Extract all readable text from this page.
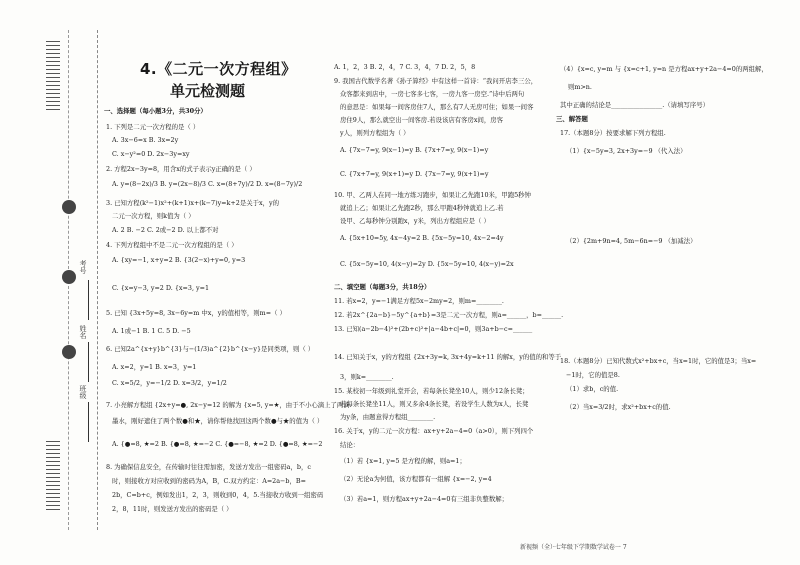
考号
姓名
班级
4.《二元一次方程组》
单元检测题
一、选择题（每小题3分，共30分）
1. 下列是二元一次方程的是（ ）
A. 3x−6=x B. 3x=2y
C. x−y²=0 D. 2x−3y=xy
2. 方程2x−3y=8，用含x的式子表示y正确的是（ ）
A. y=(8−2x)/3 B. y=(2x−8)/3 C. x=(8+7y)/2 D. x=(8−7y)/2
3. 已知方程(k²−1)x²+(k+1)x+(k−7)y=k+2是关于x，y的
二元一次方程，则k值为（ ）
A. 2 B. −2 C. 2或−2 D. 以上都不对
4. 下列方程组中不是二元一次方程组的是（ ）
A. {xy=−1, x+y=2 B. {3(2−x)+y=0, y=3
C. {x=y−3, y=2 D. {x=3, y=1
5. 已知 {3x+5y=8, 3x−6y=m 中x，y的值相等，则m=（ ）
A. 1或−1 B. 1 C. 5 D. −5
6. 已知2a^{x+y}b^{3}与−(1/3)a^{2}b^{x−y}是同类项，则（ ）
A. x=2，y=1 B. x=3，y=1
C. x=5/2，y=−1/2 D. x=3/2，y=1/2
7. 小亮解方程组 {2x+y=●, 2x−y=12 的解为 {x=5, y=★，由于不小心滴上了两滴
墨水，刚好遮住了两个数●和★，请你帮他找回这两个数●与★的值为（ ）
A. {●=8, ★=2 B. {●=8, ★=−2 C. {●=−8, ★=2 D. {●=8, ★=−2
8. 为确保信息安全，在传输时往往需加密，发送方发出一组密码a，b，c
时，则接收方对应收到的密码为A，B，C.双方约定：A=2a−b，B=
2b，C=b+c，例如发出1，2，3，则收到0，4，5.当接收方收到一组密码
2，8，11时，则发送方发出的密码是（ ）
A. 1，2，3 B. 2，4，7 C. 3，4，7 D. 2，5，8
9. 我国古代数学名著《孙子算经》中有这样一首诗：“我问开店李三公，
众客都来到店中，一房七客多七客，一房九客一房空.”诗中后两句
的意思是：如果每一间客房住7人，那么有7人无房可住；如果一间客
房住9人，那么就空出一间客房.若设该店有客房x间，房客
y人，则列方程组为（ ）
A. {7x−7=y, 9(x−1)=y B. {7x+7=y, 9(x−1)=y
C. {7x+7=y, 9(x+1)=y D. {7x−7=y, 9(x+1)=y
10. 甲、乙两人在同一地方练习跑步，如果让乙先跑10米，甲跑5秒钟
就追上乙；如果让乙先跑2秒，那么甲跑4秒钟就追上乙.若
设甲、乙每秒钟分别跑x，y米，列出方程组应是（ ）
A. {5x+10=5y, 4x−4y=2 B. {5x−5y=10, 4x−2=4y
C. {5x−5y=10, 4(x−y)=2y D. {5x−5y=10, 4(x−y)=2x
二、填空题（每题3分，共18分）
11. 若x=2，y=−1满足方程5x−2my=2，则m=________.
12. 若2x^{2a−b}−5y^{a+b}=3是二元一次方程，则a=______，b=______.
13. 已知(a−2b−4)²+(2b+c)²+|a−4b+c|=0，则3a+b−c=______
14. 已知关于x，y的方程组 {2x+3y=k, 3x+4y=k+11 的解x，y的值的和等于
3，则k=________.
15. 某校初一年级到礼堂开会，若每条长凳坐10人，则少12条长凳；
若每条长凳坐11人，则又多余4条长凳，若设学生人数为x人，长凳
为y条，由题意得方程组________.
16. 关于x，y的二元一次方程：ax+y+2a−4=0（a>0），则下列四个
结论：
（1）若 {x=1, y=5 是方程的解，则a=1；
（2）无论a为何值，该方程都有一组解 {x=−2, y=4
（3）若a=1，则方程ax+y+2a−4=0有三组非负整数解；
（4）{x=c, y=m 与 {x=c+1, y=n 是方程ax+y+2a−4=0的两组解，
则m>n.
其中正确的结论是________________.（请填写序号）
三、解答题
17.（本题8分）按要求解下列方程组.
（1）{x−5y=3, 2x+3y=−9 （代入法）
（2）{2m+9n=4, 5m−6n=−9 （加减法）
18.（本题8分）已知代数式x²+bx+c，当x=1时，它的值是3；当x=
−1时，它的值是8.
（1）求b，c的值.
（2）当x=3/2时，求x²+bx+c的值.
新视频（全）·七年级下学期数学试卷一 7
